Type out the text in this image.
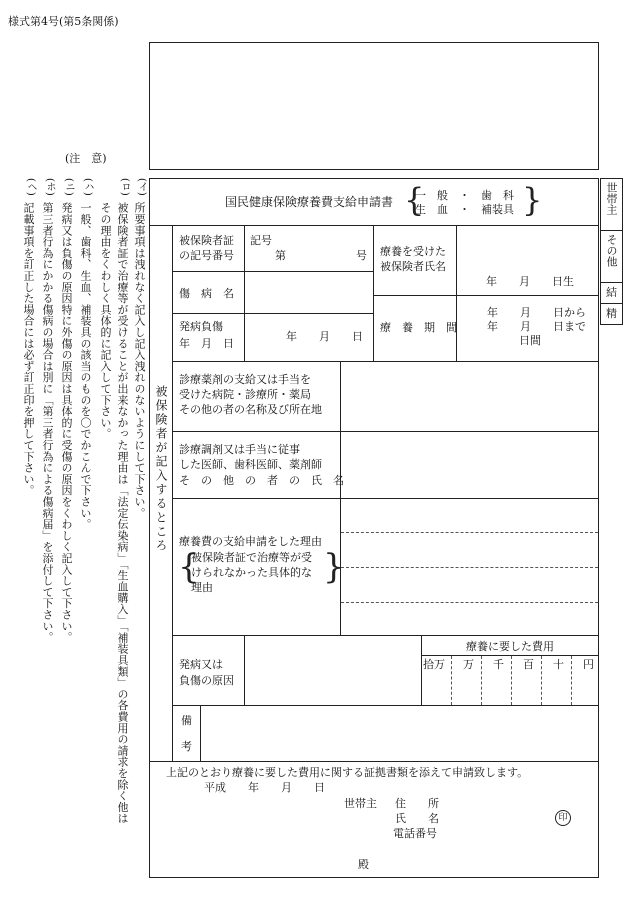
様式第4号(第5条関係)
(注　意)
(イ)
所要事項は洩れなく記入し記入洩れのないようにして下さい。
(ロ)
被保険者証で治療等が受けることが出来なかった理由は「法定伝染病」「生血購入」「補装具類」の各費用の請求を除く他は
その理由をくわしく具体的に記入して下さい。
(ハ)
一般、歯科、生血、補装具の該当のものを〇でかこんで下さい。
(ニ)
発病又は負傷の原因特に外傷の原因は具体的に受傷の原因をくわしく記入して下さい。
(ホ)
第三者行為にかかる傷病の場合は別に「第三者行為による傷病届」を添付して下さい。
(ヘ)
記載事項を訂正した場合には必ず訂正印を押して下さい。	国民健康保険療養費支給申請書 {
一　般　・　歯　科
生　血　・　補装具 }
被保険者が記入するところ
被保険者証
の記号番号
記号
第	号 療養を受けた
被保険者氏名
年　　月　　日生
傷　病　名
療　養　期　間
年　　月　　日から
年　　月　　日まで
日間
発病負傷
年　月　日
年　　月　　日
診療薬剤の支給又は手当を
受けた病院・診療所・薬局
その他の者の名称及び所在地
診療調剤又は手当に従事
した医師、歯科医師、薬剤師
そ　の　他　の　者　の　氏　名
療養費の支給申請をした理由
{
被保険者証で治療等が受
けられなかった具体的な
理由
}
発病又は
負傷の原因
療養に要した費用
拾万 万 千 百 十 円
備
考
上記のとおり療養に要した費用に関する証拠書類を添えて申請致します。
平成　　年　　月　　日
世帯主 住　　所
氏　　名
電話番号
印
殿
世帯主
その他
結
精
